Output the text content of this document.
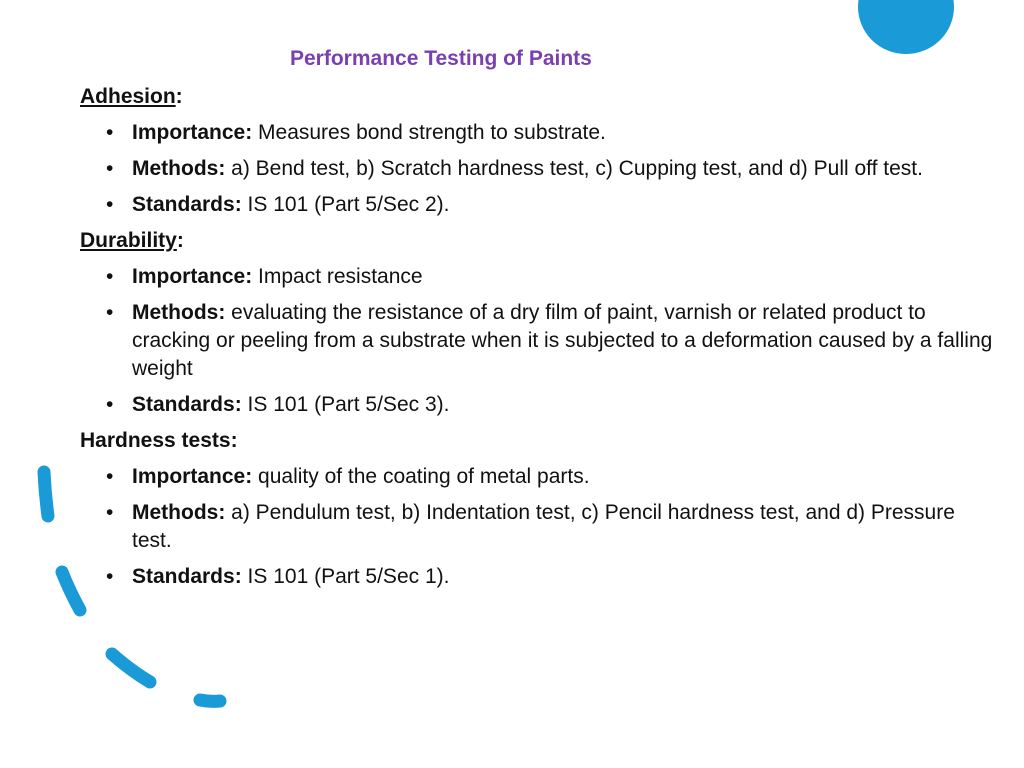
Performance Testing of Paints
Adhesion:
• Importance: Measures bond strength to substrate.
• Methods: a) Bend test, b) Scratch hardness test, c) Cupping test, and d) Pull off test.
• Standards: IS 101 (Part 5/Sec 2).
Durability:
• Importance: Impact resistance
• Methods: evaluating the resistance of a dry film of paint, varnish or related product to cracking or peeling from a substrate when it is subjected to a deformation caused by a falling weight
• Standards: IS 101 (Part 5/Sec 3).
Hardness tests:
• Importance: quality of the coating of metal parts.
• Methods: a) Pendulum test, b) Indentation test, c) Pencil hardness test, and d) Pressure test.
• Standards: IS 101 (Part 5/Sec 1).
